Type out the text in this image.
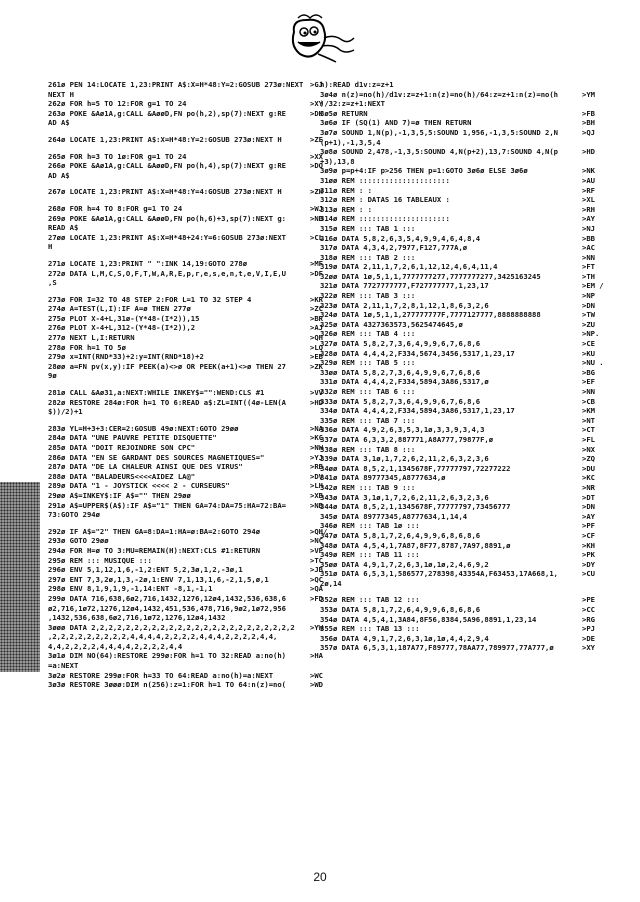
261ø PEN 14:LOCATE 1,23:PRINT A$:X=H*48:Y=2:GOSUB 273ø:NEXT >GJ
NEXT H
262ø FOR h=5 TO 12:FOR g=1 TO 24	>XY
263ø POKE &Aø1A,g:CALL &AøøD,FN po(h,2),sp(7):NEXT g:RE	>DK
AD A$
264ø LOCATE 1,23:PRINT A$:X=H*48:Y=2:GOSUB 273ø:NEXT H	>ZE
265ø FOR h=3 TO 1ø:FOR g=1 TO 24	>XX
266ø POKE &Aø1A,g:CALL &AøøD,FN po(h,4),sp(7):NEXT g:RE	>DQ
AD A$
267ø LOCATE 1,23:PRINT A$:X=H*48:Y=4:GOSUB 273ø:NEXT H	>ZH
268ø FOR h=4 TO 8:FOR g=1 TO 24	>WJ
269ø POKE &Aø1A,g:CALL &AøøD,FN po(h,6)+3,sp(7):NEXT g:	>NB
READ A$
27øø LOCATE 1,23:PRINT A$:X=H*48+24:Y=6:GOSUB 273ø:NEXT	>CL
H
271ø LOCATE 1,23:PRINT " ":INK 14,19:GOTO 278ø	>MF
272ø DATA L,M,C,S,O,F,T,W,A,R,E,p,r,e,s,e,n,t,e,V,I,E,U	>DF
,S
273ø FOR I=32 TO 48 STEP 2:FOR L=1 TO 32 STEP 4	>KR
274ø A=TEST(L,I):IF A=ø THEN 277ø	>ZC
275ø PLOT X-4+L,31ø-(Y*48-(I*2)),15	>BR
276ø PLOT X-4+L,312-(Y*48-(I*2)),2	>AJ
277ø NEXT L,I:RETURN	>QH
278ø FOR h=1 TO 5ø	>LQ
279ø x=INT(RND*33)+2:y=INT(RND*18)+2	>EB
28øø a=FN pv(x,y):IF PEEK(a)<>ø OR PEEK(a+1)<>ø THEN 27	>ZK
9ø
281ø CALL &Aø31,a:NEXT:WHILE INKEY$="":WEND:CLS #1	>VV
282ø RESTORE 284ø:FOR h=1 TO 6:READ a$:ZL=INT((4ø-LEN(A	>HD
$))/2)+1
283ø YL=H+3+3:CER=2:GOSUB 49ø:NEXT:GOTO 29øø	>NA
284ø DATA "UNE PAUVRE PETITE DISQUETTE"	>KC
285ø DATA "DOIT REJOINDRE SON CPC"	>NW
286ø DATA "EN SE GARDANT DES SOURCES MAGNETIQUES="	>YJ
287ø DATA "DE LA CHALEUR AINSI QUE DES VIRUS"	>RB
288ø DATA "BALADEURS<<<<AIDEZ LA@"	>DV
289ø DATA "1 - JOYSTICK <<<< 2 - CURSEURS"	>LH
29øø A$=INKEY$:IF A$="" THEN 29øø	>XB
291ø A$=UPPER$(A$):IF A$="1" THEN GA=74:DA=75:HA=72:BA=	>NB
73:GOTO 294ø
292ø IF A$="2" THEN GA=8:DA=1:HA=ø:BA=2:GOTO 294ø	>QH/
293ø GOTO 29øø	>NC
294ø FOR H=ø TO 3:MU=REMAIN(H):NEXT:CLS #1:RETURN	>VP
295ø REM ::: MUSIQUE :::	>TC
296ø ENV 5,1,12,1,6,-1,2:ENT 5,2,3ø,1,2,-3ø,1	>JB
297ø ENT 7,3,2ø,1,3,-2ø,1:ENV 7,1,13,1,6,-2,1,5,ø,1	>QC
298ø ENV 8,1,9,1,9,-1,14:ENT -8,1,-1,1	>QA
299ø DATA 716,638,6ø2,716,1432,1276,12ø4,1432,536,638,6	>FD
ø2,716,1ø72,1276,12ø4,1432,451,536,478,716,9ø2,1ø72,956
,1432,536,638,6ø2,716,1ø72,1276,12ø4,1432
3øøø DATA 2,2,2,2,2,2,2,2,2,2,2,2,2,2,2,2,2,2,2,2,2,2,2,2	>YW
,2,2,2,2,2,2,2,2,2,4,4,4,4,2,2,2,2,4,4,4,2,2,2,2,4,4,
4,4,2,2,2,2,4,4,4,4,2,2,2,2,4,4
3ø1ø DIM NO(64):RESTORE 299ø:FOR h=1 TO 32:READ a:no(h)	>HA
=a:NEXT
3ø2ø RESTORE 299ø:FOR h=33 TO 64:READ a:no(h)=a:NEXT	>WC
3ø3ø RESTORE 3øøø:DIM n(256):z=1:FOR h=1 TO 64:n(z)=no(	>WD
h):READ d1v:z=z+1
3ø4ø n(z)=no(h)/d1v:z=z+1:n(z)=no(h)/64:z=z+1:n(z)=no(h	>YM
)/32:z=z+1:NEXT
3ø5ø RETURN	>FB
3ø6ø IF (SQ(1) AND 7)=ø THEN RETURN	>BH
3ø7ø SOUND 1,N(p),-1,3,5,5:SOUND 1,956,-1,3,5:SOUND 2,N	>QJ
(p+1),-1,3,5,4
3ø8ø SOUND 2,478,-1,3,5:SOUND 4,N(p+2),13,7:SOUND 4,N(p	>HD
+3),13,8
3ø9ø p=p+4:IF p>256 THEN p=1:GOTO 3ø6ø ELSE 3ø6ø	>NK
31øø REM :::::::::::::::::::::	>AU
311ø REM : :	>RF
312ø REM : DATAS 16 TABLEAUX :	>XL
313ø REM : :	>RH
314ø REM :::::::::::::::::::::	>AY
315ø REM ::: TAB 1 :::	>NJ
316ø DATA 5,8,2,6,3,5,4,9,9,4,6,4,8,4	>BB
317ø DATA 4,3,4,2,7977,F127,777A,ø	>AC
318ø REM ::: TAB 2 :::	>NN
319ø DATA 2,11,1,7,2,6,1,12,12,4,6,4,11,4	>FT
32øø DATA 1ø,5,1,1,7777777277,7777777277,3425163245	>TH
321ø DATA 7727777777,F727777777,1,23,17	>EM /
322ø REM ::: TAB 3 :::	>NP
323ø DATA 2,11,1,7,2,8,1,12,1,8,6,3,2,6	>DN
324ø DATA 1ø,5,1,1,277777777F,7777127777,8888888888	>TW
325ø DATA 4327363573,5625474645,ø	>ZU
326ø REM ::: TAB 4 :::	>NP.
327ø DATA 5,8,2,7,3,6,4,9,9,6,7,6,8,6	>CE
328ø DATA 4,4,4,2,F334,5674,3456,5317,1,23,17	>KU
329ø REM ::: TAB 5 :::	>NU .
33øø DATA 5,8,2,7,3,6,4,9,9,6,7,6,8,6	>BG
331ø DATA 4,4,4,2,F334,5894,3A86,5317,ø	>EF
332ø REM ::: TAB 6 :::	>NN
333ø DATA 5,8,2,7,3,6,4,9,9,6,7,6,8,6	>CB
334ø DATA 4,4,4,2,F334,5894,3A86,5317,1,23,17	>KM
335ø REM ::: TAB 7 :::	>NT
336ø DATA 4,9,2,6,3,5,3,1ø,3,3,9,3,4,3	>CT
337ø DATA 6,3,3,2,887771,A8A777,79877F,ø	>FL
338ø REM ::: TAB 8 :::	>NX
339ø DATA 3,1ø,1,7,2,6,2,11,2,6,3,2,3,6	>ZQ
34øø DATA 8,5,2,1,1345678F,77777797,72277222	>DU
341ø DATA 89777345,A8777634,ø	>KC
342ø REM ::: TAB 9 :::	>NR
343ø DATA 3,1ø,1,7,2,6,2,11,2,6,3,2,3,6	>DT
344ø DATA 8,5,2,1,1345678F,77777797,73456777	>DN
345ø DATA 89777345,A8777634,1,14,4	>AY
346ø REM ::: TAB 1ø :::	>PF
347ø DATA 5,8,1,7,2,6,4,9,9,6,8,6,8,6	>CF
348ø DATA 4,5,4,1,7A87,8F77,8787,7A97,8891,ø	>KH
349ø REM ::: TAB 11 :::	>PK
35øø DATA 4,9,1,7,2,6,3,1ø,1ø,2,4,6,9,2	>DY
351ø DATA 6,5,3,1,586577,278398,43354A,F63453,17A668,1,	>CU
2ø,14
352ø REM ::: TAB 12 :::	>PE
353ø DATA 5,8,1,7,2,6,4,9,9,6,8,6,8,6	>CC
354ø DATA 4,5,4,1,3A84,8F56,8384,5A96,8891,1,23,14	>RG
355ø REM ::: TAB 13 :::	>PJ
356ø DATA 4,9,1,7,2,6,3,1ø,1ø,4,4,2,9,4	>DE
357ø DATA 6,5,3,1,187A77,F89777,78AA77,789977,77A777,ø	>XY
20
